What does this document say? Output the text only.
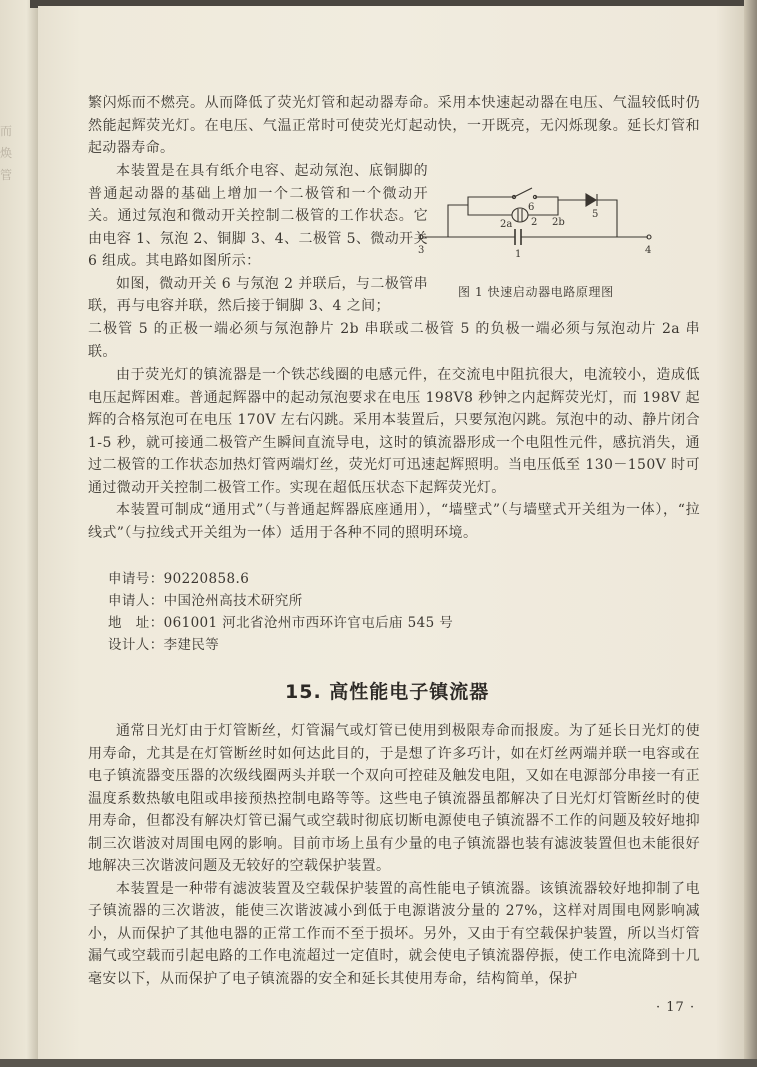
而
焕
管

繁闪烁而不燃亮。从而降低了荧光灯管和起动器寿命。采用本快速起动器在电压、气温较低时仍然能起辉荧光灯。在电压、气温正常时可使荧光灯起动快，一开既亮，无闪烁现象。延长灯管和起动器寿命。

本装置是在具有纸介电容、起动氖泡、底铜脚的普通起动器的基础上增加一个二极管和一个微动开关。通过氖泡和微动开关控制二极管的工作状态。它由电容 1、氖泡 2、铜脚 3、4、二极管 5、微动开关 6 组成。其电路如图所示：

如图，微动开关 6 与氖泡 2 并联后，与二极管串联，再与电容并联，然后接于铜脚 3、4 之间；

二极管 5 的正极一端必须与氖泡静片 2b 串联或二极管 5 的负极一端必须与氖泡动片 2a 串联。

3	1
6
2
2a	2b
5
4
图 1 快速启动器电路原理图

由于荧光灯的镇流器是一个铁芯线圈的电感元件，在交流电中阻抗很大，电流较小，造成低电压起辉困难。普通起辉器中的起动氖泡要求在电压 198V8 秒钟之内起辉荧光灯，而 198V 起辉的合格氖泡可在电压 170V 左右闪跳。采用本装置后，只要氖泡闪跳。氖泡中的动、静片闭合 1-5 秒，就可接通二极管产生瞬间直流导电，这时的镇流器形成一个电阻性元件，感抗消失，通过二极管的工作状态加热灯管两端灯丝，荧光灯可迅速起辉照明。当电压低至 130－150V 时可通过微动开关控制二极管工作。实现在超低压状态下起辉荧光灯。

本装置可制成“通用式”（与普通起辉器底座通用），“墙壁式”（与墙壁式开关组为一体），“拉线式”（与拉线式开关组为一体）适用于各种不同的照明环境。

申请号：90220858.6
申请人：中国沧州高技术研究所
地　址：061001 河北省沧州市西环许官屯后庙 545 号
设计人：李建民等
15. 高性能电子镇流器

通常日光灯由于灯管断丝，灯管漏气或灯管已使用到极限寿命而报废。为了延长日光灯的使用寿命，尤其是在灯管断丝时如何达此目的，于是想了许多巧计，如在灯丝两端并联一电容或在电子镇流器变压器的次级线圈两头并联一个双向可控硅及触发电阻，又如在电源部分串接一有正温度系数热敏电阻或串接预热控制电路等等。这些电子镇流器虽都解决了日光灯灯管断丝时的使用寿命，但都没有解决灯管已漏气或空载时彻底切断电源使电子镇流器不工作的问题及较好地抑制三次谐波对周围电网的影响。目前市场上虽有少量的电子镇流器也装有滤波装置但也未能很好地解决三次谐波问题及无较好的空载保护装置。

本装置是一种带有滤波装置及空载保护装置的高性能电子镇流器。该镇流器较好地抑制了电子镇流器的三次谐波，能使三次谐波减小到低于电源谐波分量的 27%，这样对周围电网影响减小，从而保护了其他电器的正常工作而不至于损坏。另外，又由于有空载保护装置，所以当灯管漏气或空载而引起电路的工作电流超过一定值时，就会使电子镇流器停振，使工作电流降到十几毫安以下，从而保护了电子镇流器的安全和延长其使用寿命，结构简单，保护

· 17 ·
